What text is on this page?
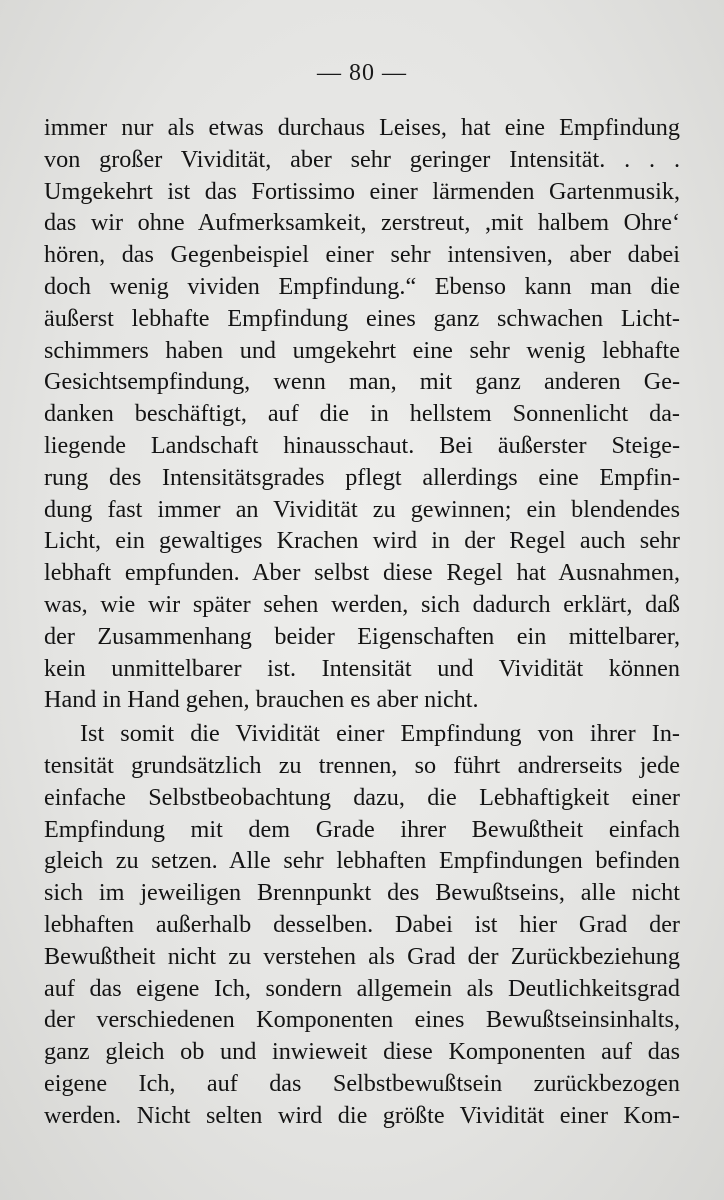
— 80 —
immer nur als etwas durchaus Leises, hat eine Empfindung
von großer Vividität, aber sehr geringer Intensität. . . .
Umgekehrt ist das Fortissimo einer lärmenden Gartenmusik,
das wir ohne Aufmerksamkeit, zerstreut, ,mit halbem Ohre‘
hören, das Gegenbeispiel einer sehr intensiven, aber dabei
doch wenig vividen Empfindung.“ Ebenso kann man die
äußerst lebhafte Empfindung eines ganz schwachen Licht-
schimmers haben und umgekehrt eine sehr wenig lebhafte
Gesichtsempfindung, wenn man, mit ganz anderen Ge-
danken beschäftigt, auf die in hellstem Sonnenlicht da-
liegende Landschaft hinausschaut. Bei äußerster Steige-
rung des Intensitätsgrades pflegt allerdings eine Empfin-
dung fast immer an Vividität zu gewinnen; ein blendendes
Licht, ein gewaltiges Krachen wird in der Regel auch sehr
lebhaft empfunden. Aber selbst diese Regel hat Ausnahmen,
was, wie wir später sehen werden, sich dadurch erklärt, daß
der Zusammenhang beider Eigenschaften ein mittelbarer,
kein unmittelbarer ist. Intensität und Vividität können
Hand in Hand gehen, brauchen es aber nicht.
Ist somit die Vividität einer Empfindung von ihrer In-
tensität grundsätzlich zu trennen, so führt andrerseits jede
einfache Selbstbeobachtung dazu, die Lebhaftigkeit einer
Empfindung mit dem Grade ihrer Bewußtheit einfach
gleich zu setzen. Alle sehr lebhaften Empfindungen befinden
sich im jeweiligen Brennpunkt des Bewußtseins, alle nicht
lebhaften außerhalb desselben. Dabei ist hier Grad der
Bewußtheit nicht zu verstehen als Grad der Zurückbeziehung
auf das eigene Ich, sondern allgemein als Deutlichkeitsgrad
der verschiedenen Komponenten eines Bewußtseinsinhalts,
ganz gleich ob und inwieweit diese Komponenten auf das
eigene Ich, auf das Selbstbewußtsein zurückbezogen
werden. Nicht selten wird die größte Vividität einer Kom-
